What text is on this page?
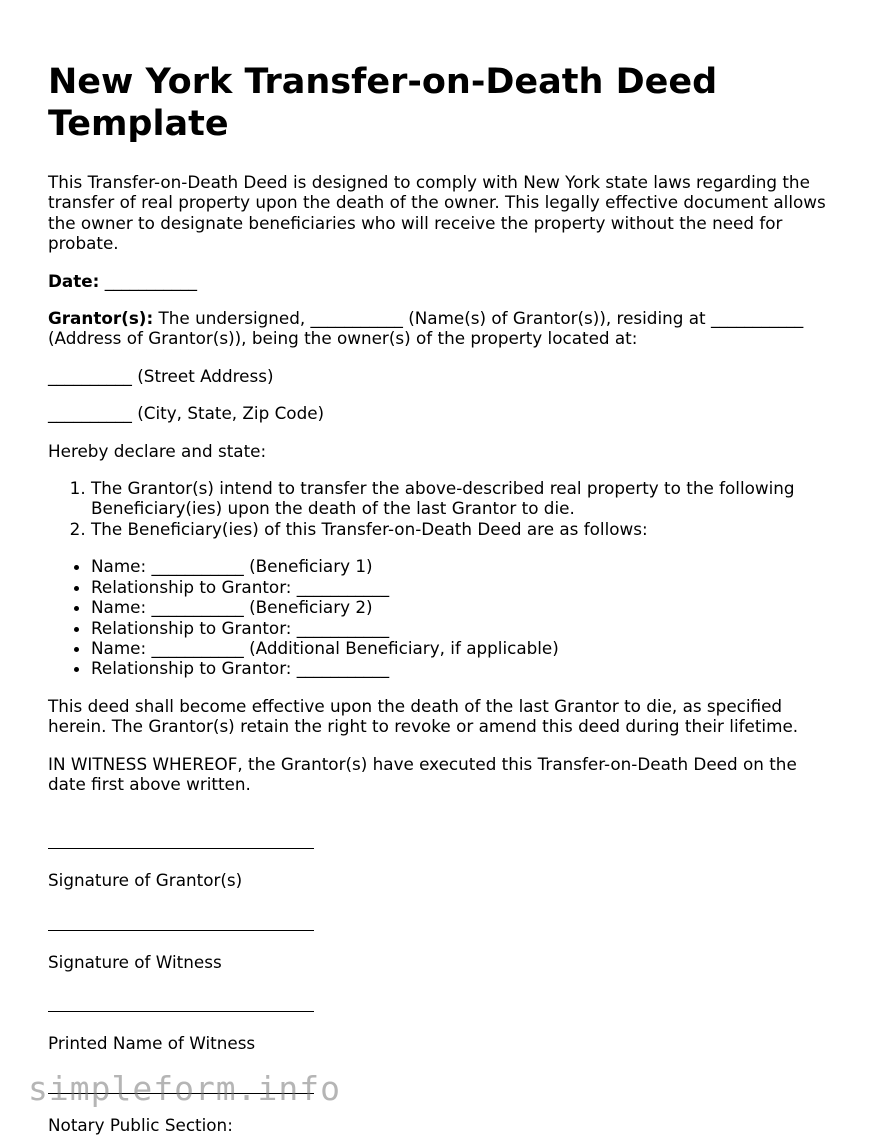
New York Transfer-on-Death Deed Template

This Transfer-on-Death Deed is designed to comply with New York state laws regarding the transfer of real property upon the death of the owner. This legally effective document allows the owner to designate beneficiaries who will receive the property without the need for probate.

Date: ___________

Grantor(s): The undersigned, ___________ (Name(s) of Grantor(s)), residing at ___________ (Address of Grantor(s)), being the owner(s) of the property located at:

__________ (Street Address)

__________ (City, State, Zip Code)

Hereby declare and state:

1. The Grantor(s) intend to transfer the above-described real property to the following Beneficiary(ies) upon the death of the last Grantor to die.
2. The Beneficiary(ies) of this Transfer-on-Death Deed are as follows:
• Name: ___________ (Beneficiary 1)
• Relationship to Grantor: ___________
• Name: ___________ (Beneficiary 2)
• Relationship to Grantor: ___________
• Name: ___________ (Additional Beneficiary, if applicable)
• Relationship to Grantor: ___________

This deed shall become effective upon the death of the last Grantor to die, as specified herein. The Grantor(s) retain the right to revoke or amend this deed during their lifetime.

IN WITNESS WHEREOF, the Grantor(s) have executed this Transfer-on-Death Deed on the date first above written.

Signature of Grantor(s)

Signature of Witness

Printed Name of Witness

Notary Public Section:

simpleform.info
